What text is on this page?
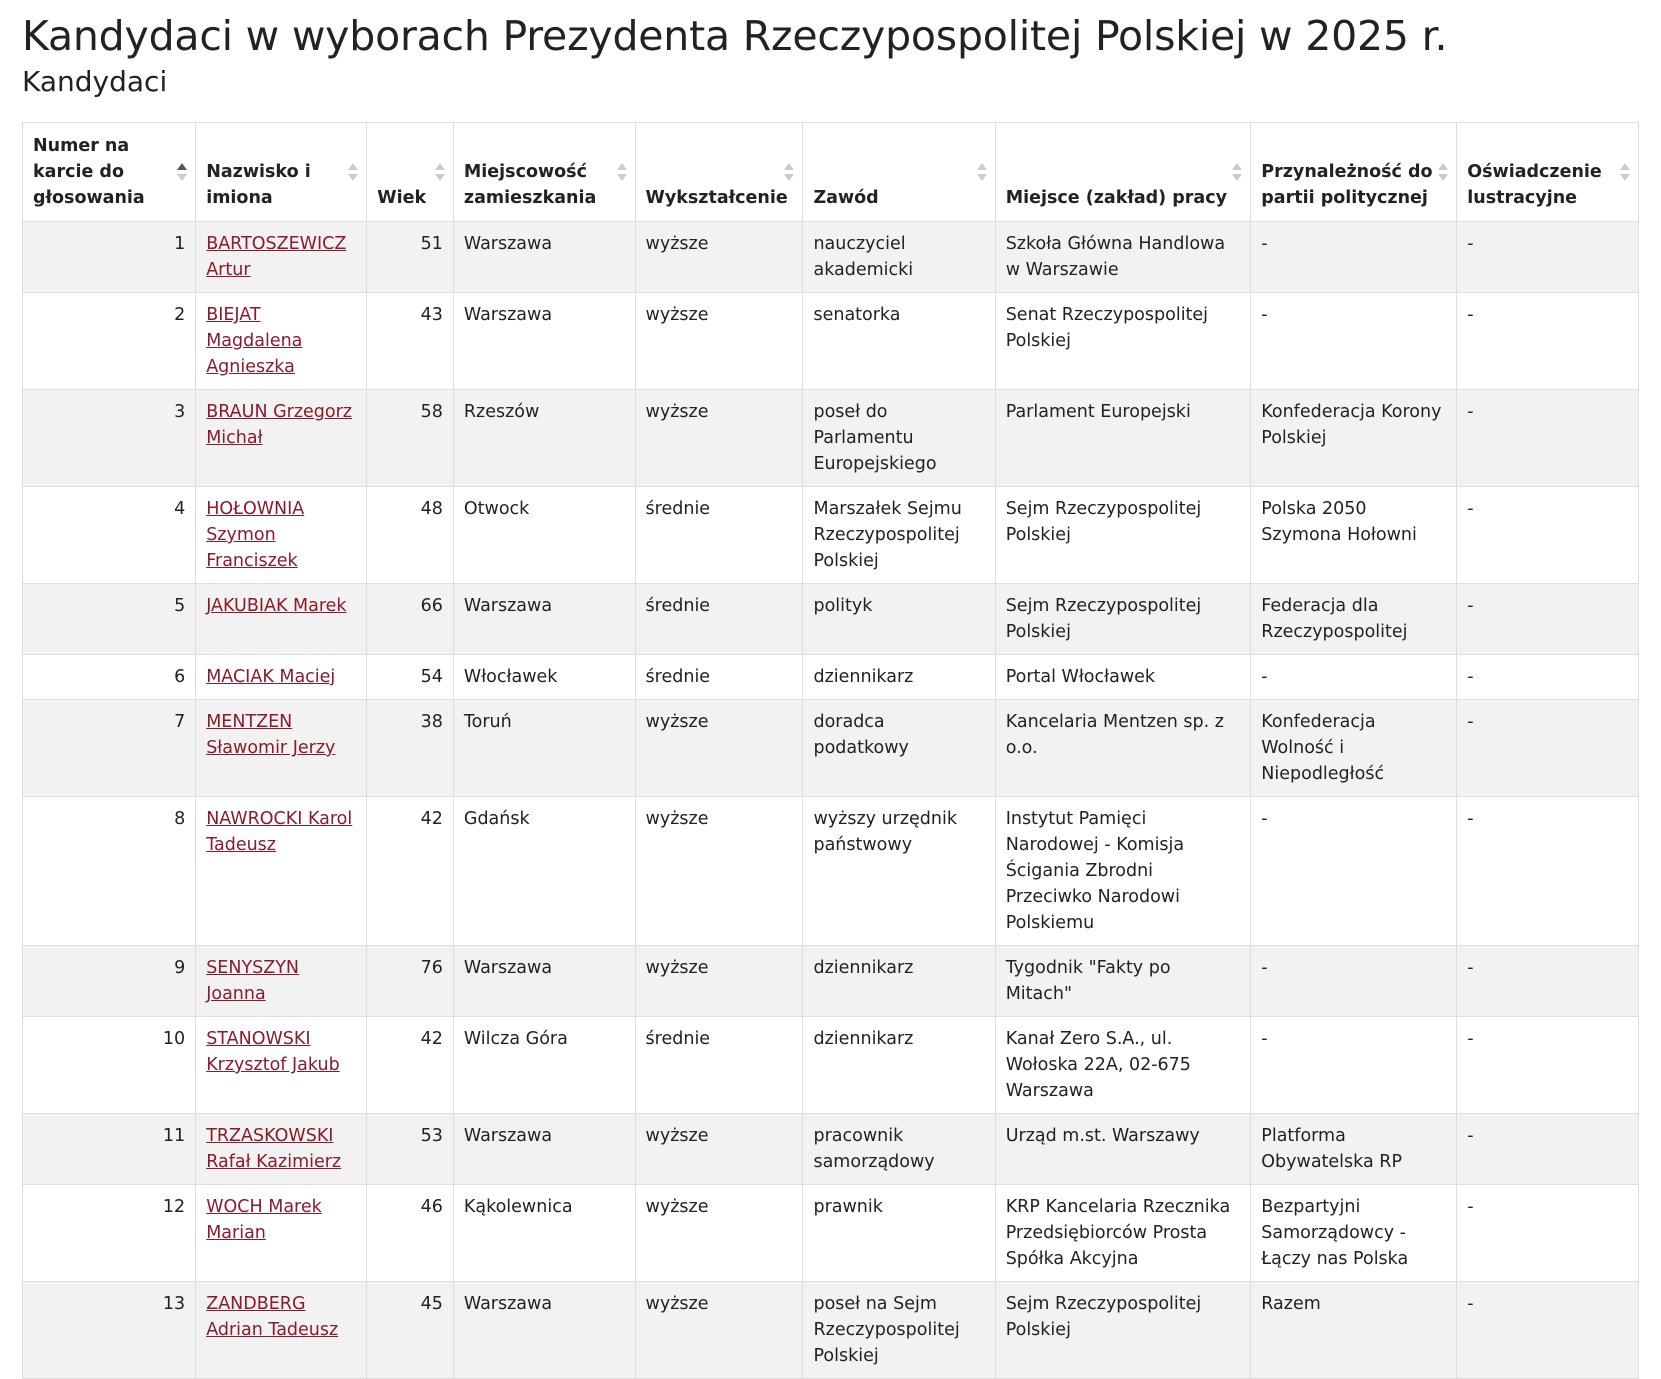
Kandydaci w wyborach Prezydenta Rzeczypospolitej Polskiej w 2025 r.
Kandydaci
Numer na karcie do głosowania	Nazwisko i imiona	Wiek	Miejscowość zamieszkania	Wykształcenie	Zawód	Miejsce (zakład) pracy	Przynależność do partii politycznej	Oświadczenie lustracyjne

1	BARTOSZEWICZ Artur	51	Warszawa	wyższe	nauczyciel akademicki	Szkoła Główna Handlowa w Warszawie	-	-
2	BIEJAT Magdalena Agnieszka	43	Warszawa	wyższe	senatorka	Senat Rzeczypospolitej Polskiej	-	-
3	BRAUN Grzegorz Michał	58	Rzeszów	wyższe	poseł do Parlamentu Europejskiego	Parlament Europejski	Konfederacja Korony Polskiej	-
4	HOŁOWNIA Szymon Franciszek	48	Otwock	średnie	Marszałek Sejmu Rzeczypospolitej Polskiej	Sejm Rzeczypospolitej Polskiej	Polska 2050 Szymona Hołowni	-
5	JAKUBIAK Marek	66	Warszawa	średnie	polityk	Sejm Rzeczypospolitej Polskiej	Federacja dla Rzeczypospolitej	-
6	MACIAK Maciej	54	Włocławek	średnie	dziennikarz	Portal Włocławek	-	-
7	MENTZEN Sławomir Jerzy	38	Toruń	wyższe	doradca podatkowy	Kancelaria Mentzen sp. z o.o.	Konfederacja Wolność i Niepodległość	-
8	NAWROCKI Karol Tadeusz	42	Gdańsk	wyższe	wyższy urzędnik państwowy	Instytut Pamięci Narodowej - Komisja Ścigania Zbrodni Przeciwko Narodowi Polskiemu	-	-
9	SENYSZYN Joanna	76	Warszawa	wyższe	dziennikarz	Tygodnik "Fakty po Mitach"	-	-
10	STANOWSKI Krzysztof Jakub	42	Wilcza Góra	średnie	dziennikarz	Kanał Zero S.A., ul. Wołoska 22A, 02-675 Warszawa	-	-
11	TRZASKOWSKI Rafał Kazimierz	53	Warszawa	wyższe	pracownik samorządowy	Urząd m.st. Warszawy	Platforma Obywatelska RP	-
12	WOCH Marek Marian	46	Kąkolewnica	wyższe	prawnik	KRP Kancelaria Rzecznika Przedsiębiorców Prosta Spółka Akcyjna	Bezpartyjni Samorządowcy - Łączy nas Polska	-
13	ZANDBERG Adrian Tadeusz	45	Warszawa	wyższe	poseł na Sejm Rzeczypospolitej Polskiej	Sejm Rzeczypospolitej Polskiej	Razem	-
